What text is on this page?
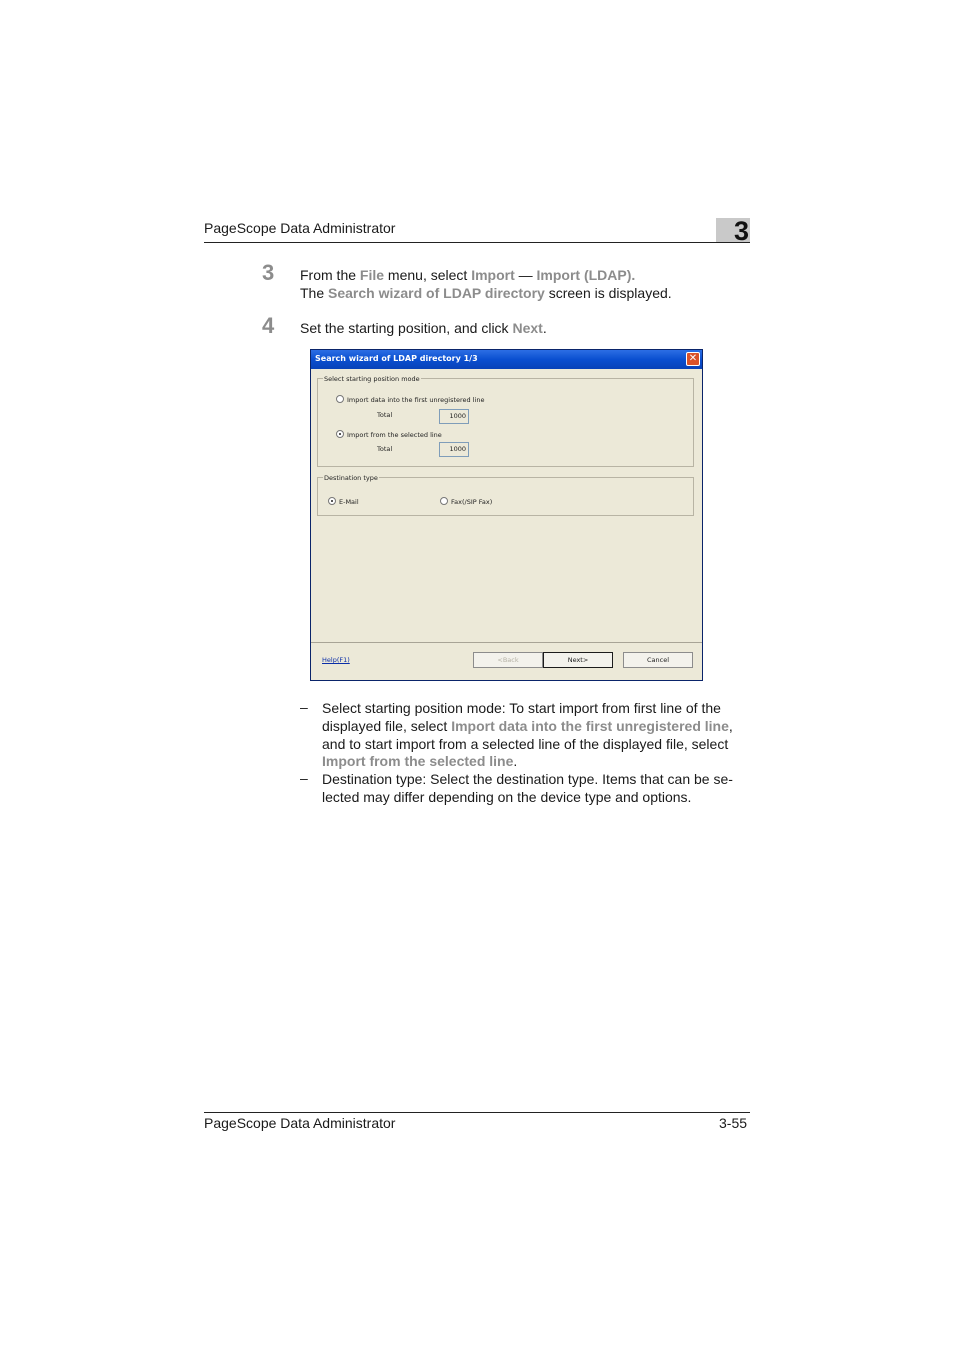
PageScope Data Administrator	3
3 From the File menu, select Import — Import (LDAP).
The Search wizard of LDAP directory screen is displayed.
4 Set the starting position, and click Next.
Search wizard of LDAP directory 1/3	✕
Select starting position mode
Import data into the first unregistered line
Total	1000
Import from the selected line
Total	1000
Destination type
E-Mail	Fax(/SIP Fax)
Help(F1)	<Back	Next>	Cancel
– Select starting position mode: To start import from first line of the
displayed file, select Import data into the first unregistered line,
and to start import from a selected line of the displayed file, select
Import from the selected line.
– Destination type: Select the destination type. Items that can be se-
lected may differ depending on the device type and options.
PageScope Data Administrator	3-55
